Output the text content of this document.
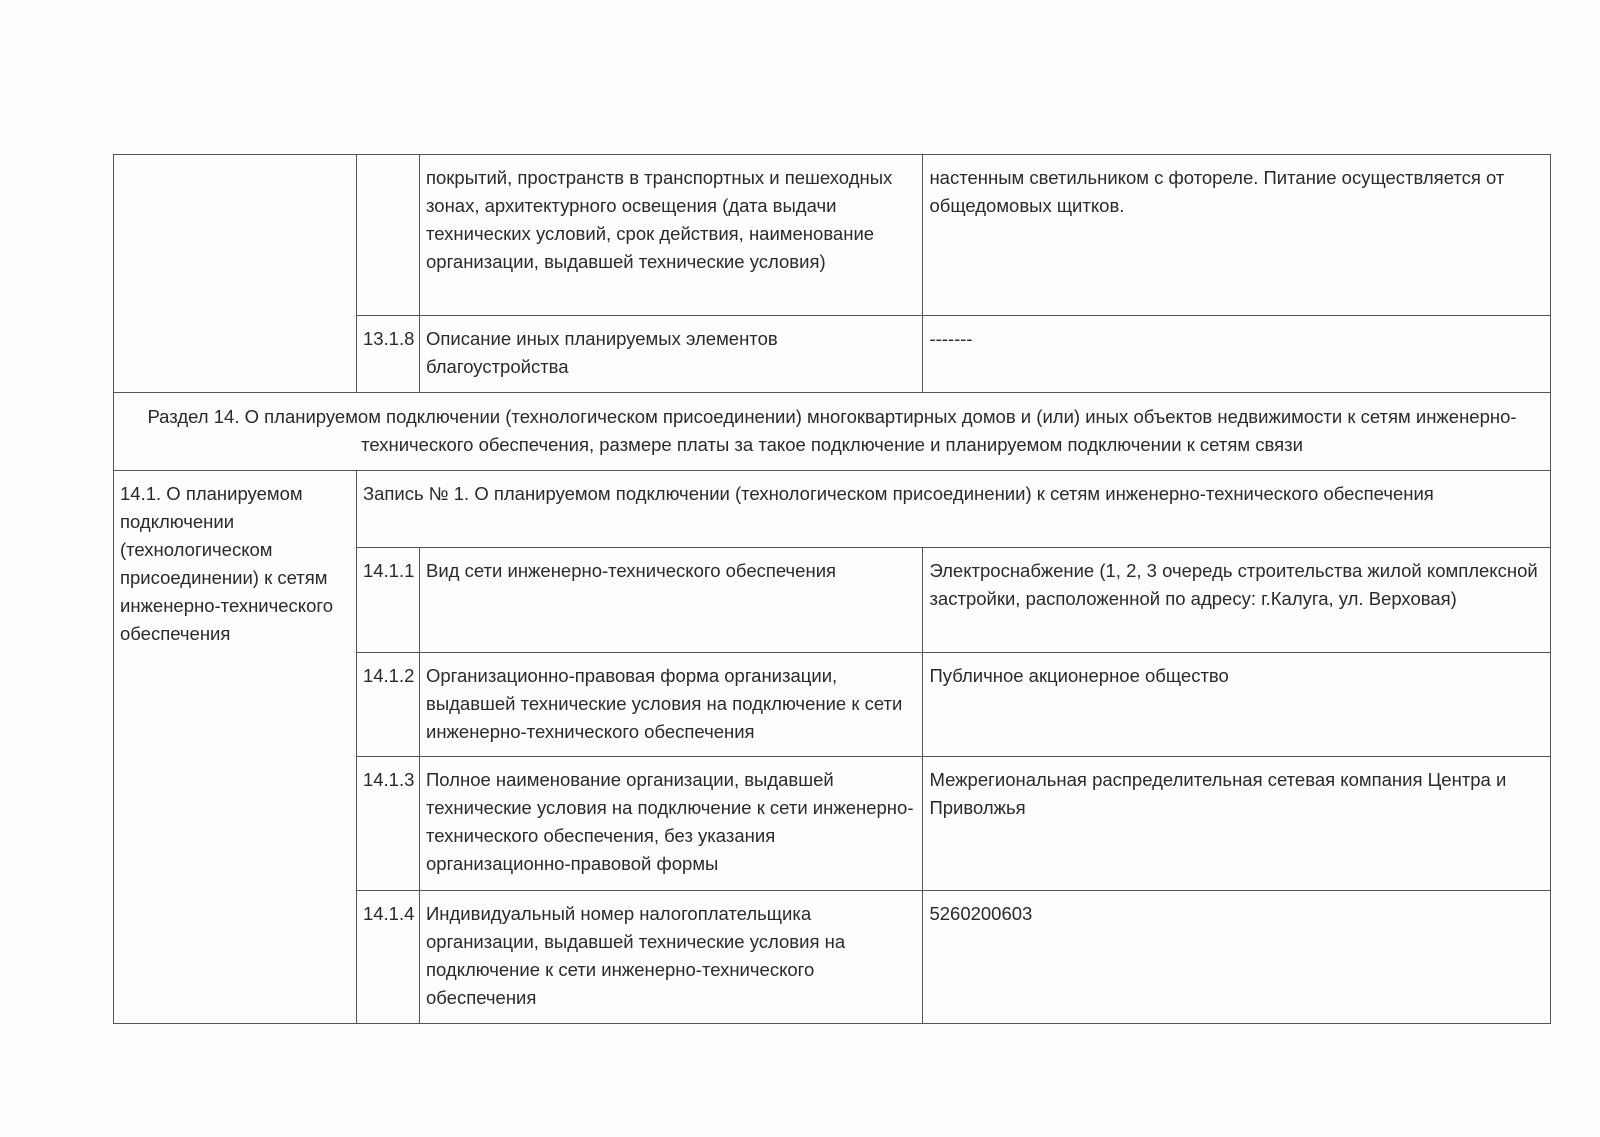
		покрытий, пространств в транспортных и пешеходных зонах, архитектурного освещения (дата выдачи технических условий, срок действия, наименование организации, выдавшей технические условия)	настенным светильником с фотореле. Питание осуществляется от общедомовых щитков.
	13.1.8	Описание иных планируемых элементов благоустройства	-------
Раздел 14. О планируемом подключении (технологическом присоединении) многоквартирных домов и (или) иных объектов недвижимости к сетям инженерно-технического обеспечения, размере платы за такое подключение и планируемом подключении к сетям связи			
14.1. О планируемом подключении (технологическом присоединении) к сетям инженерно-технического обеспечения	Запись № 1. О планируемом подключении (технологическом присоединении) к сетям инженерно-технического обеспечения		
	14.1.1	Вид сети инженерно-технического обеспечения	Электроснабжение (1, 2, 3 очередь строительства жилой комплексной застройки, расположенной по адресу: г.Калуга, ул. Верховая)
	14.1.2	Организационно-правовая форма организации, выдавшей технические условия на подключение к сети инженерно-технического обеспечения	Публичное акционерное общество
	14.1.3	Полное наименование организации, выдавшей технические условия на подключение к сети инженерно-технического обеспечения, без указания организационно-правовой формы	Межрегиональная распределительная сетевая компания Центра и Приволжья
	14.1.4	Индивидуальный номер налогоплательщика организации, выдавшей технические условия на подключение к сети инженерно-технического обеспечения	5260200603
